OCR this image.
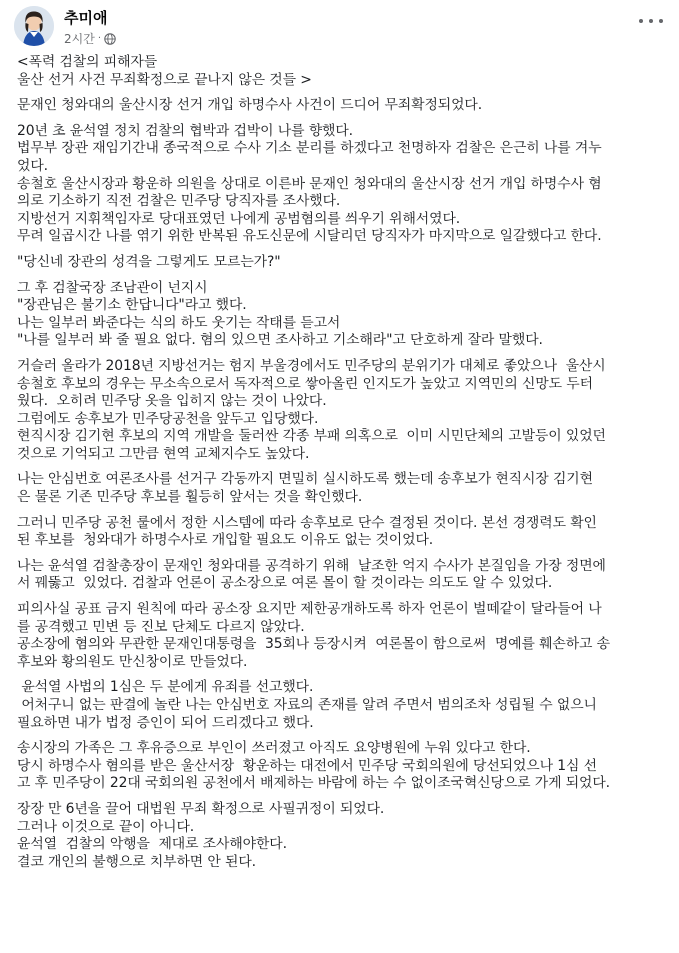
추미애
2시간 ·
<폭력 검찰의 피해자들
울산 선거 사건 무죄확정으로 끝나지 않은 것들 >
문재인 청와대의 울산시장 선거 개입 하명수사 사건이 드디어 무죄확정되었다.
20년 초 윤석열 정치 검찰의 협박과 겁박이 나를 향했다.
법무부 장관 재임기간내 종국적으로 수사 기소 분리를 하겠다고 천명하자 검찰은 은근히 나를 겨누
었다.
송철호 울산시장과 황운하 의원을 상대로 이른바 문재인 청와대의 울산시장 선거 개입 하명수사 혐
의로 기소하기 직전 검찰은 민주당 당직자를 조사했다.
지방선거 지휘책임자로 당대표였던 나에게 공범혐의를 씌우기 위해서였다.
무려 일곱시간 나를 엮기 위한 반복된 유도신문에 시달리던 당직자가 마지막으로 일갈했다고 한다.
"당신네 장관의 성격을 그렇게도 모르는가?"
그 후 검찰국장 조남관이 넌지시
"장관님은 불기소 한답니다"라고 했다.
나는 일부러 봐준다는 식의 하도 웃기는 작태를 듣고서
"나를 일부러 봐 줄 필요 없다. 혐의 있으면 조사하고 기소해라"고 단호하게 잘라 말했다.
거슬러 올라가 2018년 지방선거는 험지 부울경에서도 민주당의 분위기가 대체로 좋았으나  울산시
송철호 후보의 경우는 무소속으로서 독자적으로 쌓아올린 인지도가 높았고 지역민의 신망도 두터
웠다.  오히려 민주당 옷을 입히지 않는 것이 나았다.
그럼에도 송후보가 민주당공천을 앞두고 입당했다.
현직시장 김기현 후보의 지역 개발을 둘러싼 각종 부패 의혹으로  이미 시민단체의 고발등이 있었던
것으로 기억되고 그만큼 현역 교체지수도 높았다.
나는 안심번호 여론조사를 선거구 각동까지 면밀히 실시하도록 했는데 송후보가 현직시장 김기현
은 물론 기존 민주당 후보를 훨등히 앞서는 것을 확인했다.
그러니 민주당 공천 룰에서 정한 시스템에 따라 송후보로 단수 결정된 것이다. 본선 경쟁력도 확인
된 후보를  청와대가 하명수사로 개입할 필요도 이유도 없는 것이었다.
나는 윤석열 검찰총장이 문재인 청와대를 공격하기 위해  날조한 억지 수사가 본질임을 가장 정면에
서 꿰뚫고  있었다. 검찰과 언론이 공소장으로 여론 몰이 할 것이라는 의도도 알 수 있었다.
피의사실 공표 금지 원칙에 따라 공소장 요지만 제한공개하도록 하자 언론이 벌떼같이 달라들어 나
를 공격했고 민변 등 진보 단체도 다르지 않았다.
공소장에 혐의와 무관한 문재인대통령을  35회나 등장시켜  여론몰이 함으로써  명예를 훼손하고 송
후보와 황의원도 만신창이로 만들었다.
윤석열 사법의 1심은 두 분에게 유죄를 선고했다.
어처구니 없는 판결에 놀란 나는 안심번호 자료의 존재를 알려 주면서 범의조차 성립될 수 없으니
필요하면 내가 법정 증인이 되어 드리겠다고 했다.
송시장의 가족은 그 후유증으로 부인이 쓰러졌고 아직도 요양병원에 누워 있다고 한다.
당시 하명수사 혐의를 받은 울산서장  황운하는 대전에서 민주당 국회의원에 당선되었으나 1심 선
고 후 민주당이 22대 국회의원 공천에서 배제하는 바람에 하는 수 없이조국혁신당으로 가게 되었다.
장장 만 6년을 끌어 대법원 무죄 확정으로 사필귀정이 되었다.
그러나 이것으로 끝이 아니다.
윤석열  검찰의 악행을  제대로 조사해야한다.
결코 개인의 불행으로 치부하면 안 된다.
